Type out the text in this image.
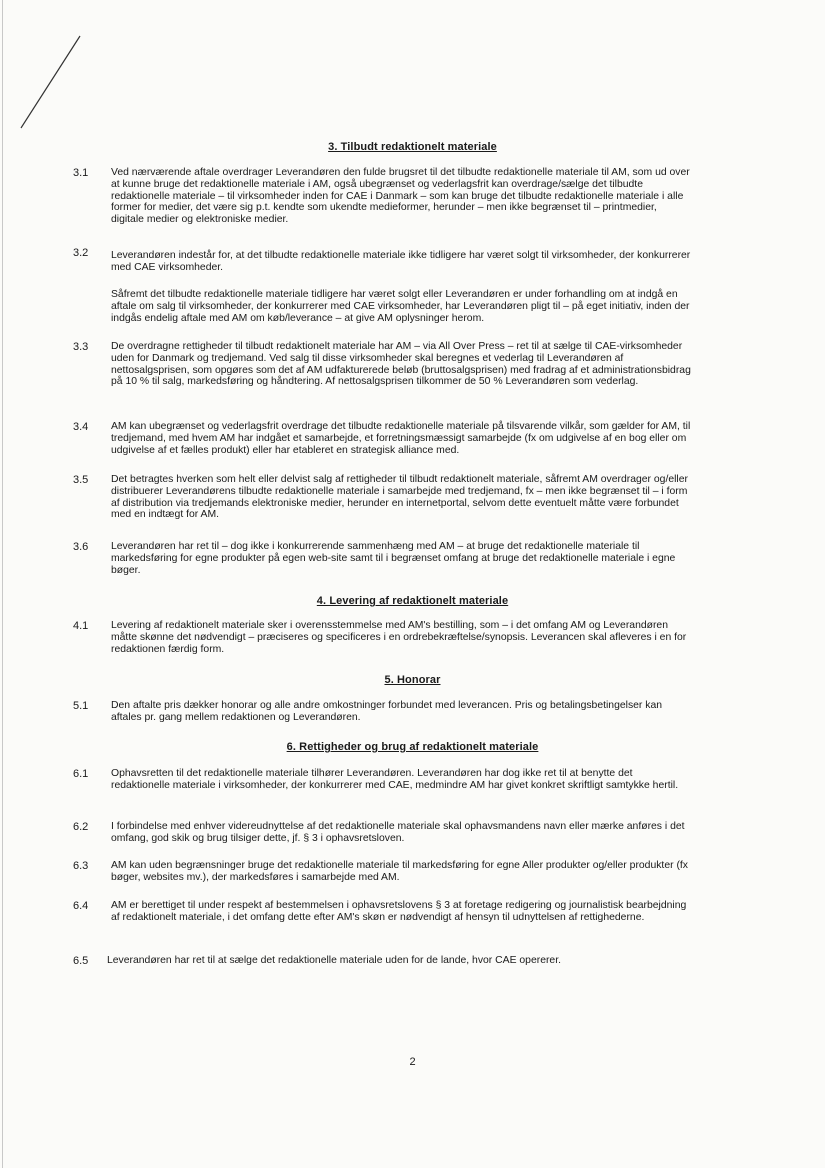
3. Tilbudt redaktionelt materiale
3.1 Ved nærværende aftale overdrager Leverandøren den fulde brugsret til det tilbudte redaktionelle materiale til AM, som ud over at kunne bruge det redaktionelle materiale i AM, også ubegrænset og vederlagsfrit kan overdrage/sælge det tilbudte redaktionelle materiale – til virksomheder inden for CAE i Danmark – som kan bruge det tilbudte redaktionelle materiale i alle former for medier, det være sig p.t. kendte som ukendte medieformer, herunder – men ikke begrænset til – printmedier, digitale medier og elektroniske medier.

3.2 Leverandøren indestår for, at det tilbudte redaktionelle materiale ikke tidligere har været solgt til virksomheder, der konkurrerer med CAE virksomheder.

Såfremt det tilbudte redaktionelle materiale tidligere har været solgt eller Leverandøren er under forhandling om at indgå en aftale om salg til virksomheder, der konkurrerer med CAE virksomheder, har Leverandøren pligt til – på eget initiativ, inden der indgås endelig aftale med AM om køb/leverance – at give AM oplysninger herom.

3.3 De overdragne rettigheder til tilbudt redaktionelt materiale har AM – via All Over Press – ret til at sælge til CAE-virksomheder uden for Danmark og tredjemand. Ved salg til disse virksomheder skal beregnes et vederlag til Leverandøren af nettosalgsprisen, som opgøres som det af AM udfakturerede beløb (bruttosalgsprisen) med fradrag af et administrationsbidrag på 10 % til salg, markedsføring og håndtering. Af nettosalgsprisen tilkommer de 50 % Leverandøren som vederlag.

3.4 AM kan ubegrænset og vederlagsfrit overdrage det tilbudte redaktionelle materiale på tilsvarende vilkår, som gælder for AM, til tredjemand, med hvem AM har indgået et samarbejde, et forretningsmæssigt samarbejde (fx om udgivelse af en bog eller om udgivelse af et fælles produkt) eller har etableret en strategisk alliance med.

3.5 Det betragtes hverken som helt eller delvist salg af rettigheder til tilbudt redaktionelt materiale, såfremt AM overdrager og/eller distribuerer Leverandørens tilbudte redaktionelle materiale i samarbejde med tredjemand, fx – men ikke begrænset til – i form af distribution via tredjemands elektroniske medier, herunder en internetportal, selvom dette eventuelt måtte være forbundet med en indtægt for AM.

3.6 Leverandøren har ret til – dog ikke i konkurrerende sammenhæng med AM – at bruge det redaktionelle materiale til markedsføring for egne produkter på egen web-site samt til i begrænset omfang at bruge det redaktionelle materiale i egne bøger.

4. Levering af redaktionelt materiale
4.1 Levering af redaktionelt materiale sker i overensstemmelse med AM's bestilling, som – i det omfang AM og Leverandøren måtte skønne det nødvendigt – præciseres og specificeres i en ordrebekræftelse/synopsis. Leverancen skal afleveres i en for redaktionen færdig form.

5. Honorar
5.1 Den aftalte pris dækker honorar og alle andre omkostninger forbundet med leverancen. Pris og betalingsbetingelser kan aftales pr. gang mellem redaktionen og Leverandøren.

6. Rettigheder og brug af redaktionelt materiale
6.1 Ophavsretten til det redaktionelle materiale tilhører Leverandøren. Leverandøren har dog ikke ret til at benytte det redaktionelle materiale i virksomheder, der konkurrerer med CAE, medmindre AM har givet konkret skriftligt samtykke hertil.

6.2 I forbindelse med enhver videreudnyttelse af det redaktionelle materiale skal ophavsmandens navn eller mærke anføres i det omfang, god skik og brug tilsiger dette, jf. § 3 i ophavsretsloven.

6.3 AM kan uden begrænsninger bruge det redaktionelle materiale til markedsføring for egne Aller produkter og/eller produkter (fx bøger, websites mv.), der markedsføres i samarbejde med AM.

6.4 AM er berettiget til under respekt af bestemmelsen i ophavsretslovens § 3 at foretage redigering og journalistisk bearbejdning af redaktionelt materiale, i det omfang dette efter AM's skøn er nødvendigt af hensyn til udnyttelsen af rettighederne.

6.5 Leverandøren har ret til at sælge det redaktionelle materiale uden for de lande, hvor CAE opererer.

2
